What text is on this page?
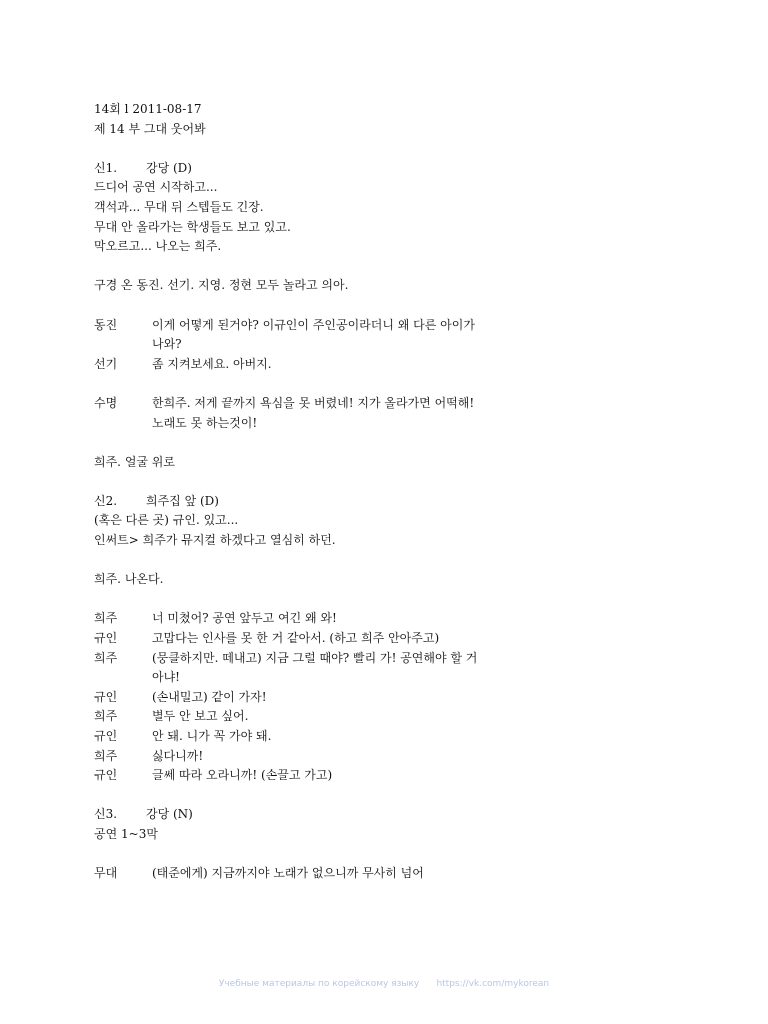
14회 l 2011-08-17
제 14 부 그대 웃어봐
신1.	강당 (D)
드디어 공연 시작하고...
객석과... 무대 뒤 스텝들도 긴장.
무대 안 올라가는 학생들도 보고 있고.
막오르고... 나오는 희주.
구경 온 동진. 선기. 지영. 정현 모두 놀라고 의아.
동진	이게 어떻게 된거야? 이규인이 주인공이라더니 왜 다른 아이가 나와?
선기	좀 지켜보세요. 아버지.
수명	한희주. 저게 끝까지 욕심을 못 버렸네! 지가 올라가면 어떡해! 노래도 못 하는것이!
희주. 얼굴 위로
신2.	희주집 앞 (D)
(혹은 다른 곳) 규인. 있고...
인써트> 희주가 뮤지컬 하겠다고 열심히 하던.
희주. 나온다.
희주	너 미쳤어? 공연 앞두고 여긴 왜 와!
규인	고맙다는 인사를 못 한 거 같아서. (하고 희주 안아주고)
희주	(뭉클하지만. 떼내고) 지금 그럴 때야? 빨리 가! 공연해야 할 거 아냐!
규인	(손내밀고) 같이 가자!
희주	별두 안 보고 싶어.
규인	안 돼. 니가 꼭 가야 돼.
희주	싫다니까!
규인	글쎄 따라 오라니까! (손끌고 가고)
신3.	강당 (N)
공연 1~3막
무대	(태준에게) 지금까지야 노래가 없으니까 무사히 넘어
Учебные материалы по корейскому языку https://vk.com/mykorean
